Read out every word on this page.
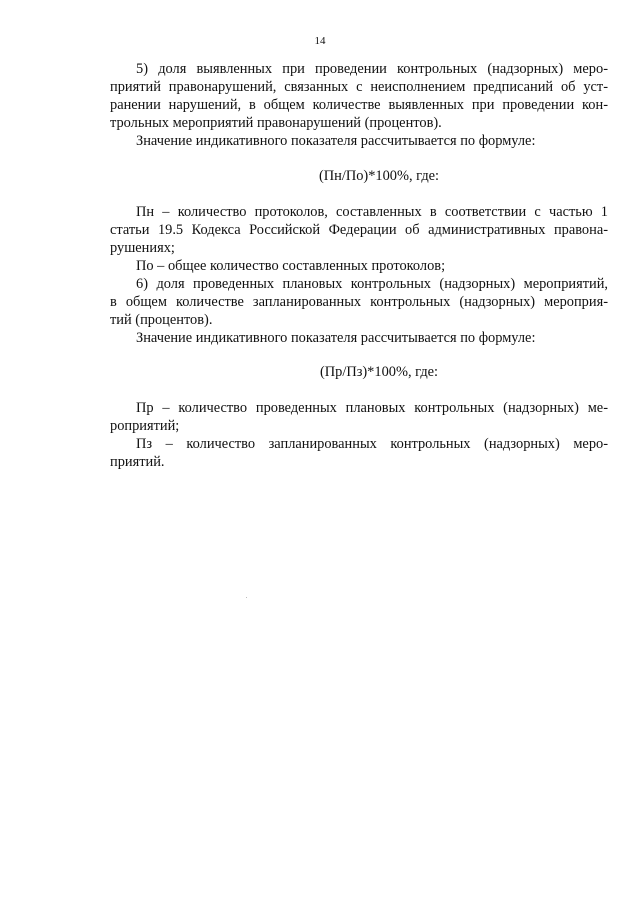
14
5) доля выявленных при проведении контрольных (надзорных) меро-
приятий правонарушений, связанных с неисполнением предписаний об уст-
ранении нарушений, в общем количестве выявленных при проведении кон-
трольных мероприятий правонарушений (процентов).
Значение индикативного показателя рассчитывается по формуле:
(Пн/По)*100%, где:
Пн – количество протоколов, составленных в соответствии с частью 1
статьи 19.5 Кодекса Российской Федерации об административных правона-
рушениях;
По – общее количество составленных протоколов;
6) доля проведенных плановых контрольных (надзорных) мероприятий,
в общем количестве запланированных контрольных (надзорных) мероприя-
тий (процентов).
Значение индикативного показателя рассчитывается по формуле:
(Пр/Пз)*100%, где:
Пр – количество проведенных плановых контрольных (надзорных) ме-
роприятий;
Пз – количество запланированных контрольных (надзорных) меро-
приятий.
